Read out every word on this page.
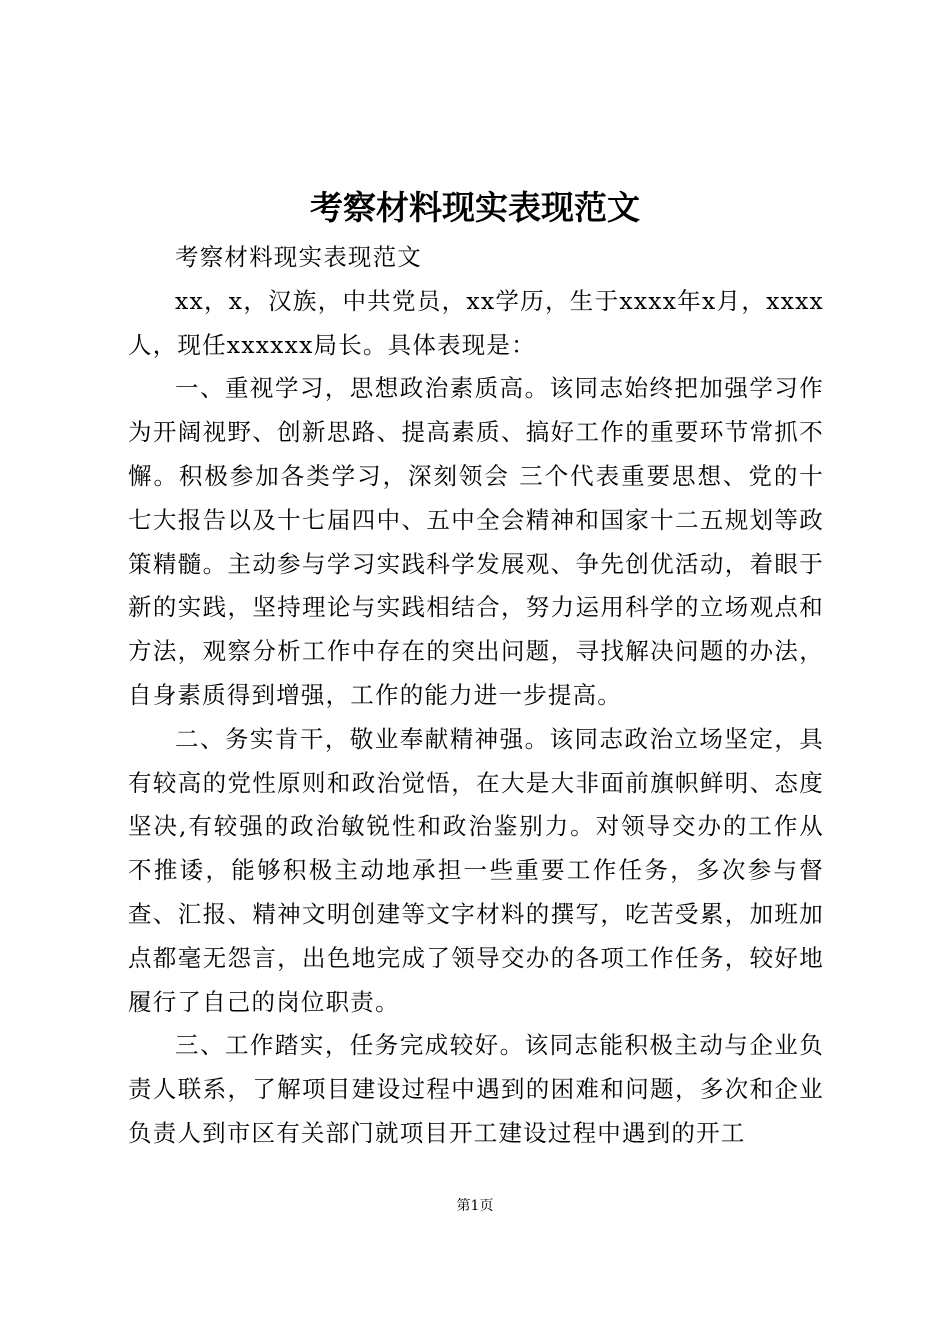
考察材料现实表现范文

考察材料现实表现范文

xx，x，汉族，中共党员，xx学历，生于xxxx年x月，xxxx人，现任xxxxxx局长。具体表现是：

一、重视学习，思想政治素质高。该同志始终把加强学习作为开阔视野、创新思路、提高素质、搞好工作的重要环节常抓不懈。积极参加各类学习，深刻领会 三个代表重要思想、党的十七大报告以及十七届四中、五中全会精神和国家十二五规划等政策精髓。主动参与学习实践科学发展观、争先创优活动，着眼于新的实践，坚持理论与实践相结合，努力运用科学的立场观点和方法，观察分析工作中存在的突出问题，寻找解决问题的办法，自身素质得到增强，工作的能力进一步提高。

二、务实肯干，敬业奉献精神强。该同志政治立场坚定，具有较高的党性原则和政治觉悟，在大是大非面前旗帜鲜明、态度坚决,有较强的政治敏锐性和政治鉴别力。对领导交办的工作从不推诿，能够积极主动地承担一些重要工作任务，多次参与督查、汇报、精神文明创建等文字材料的撰写，吃苦受累，加班加点都毫无怨言，出色地完成了领导交办的各项工作任务，较好地履行了自己的岗位职责。

三、工作踏实，任务完成较好。该同志能积极主动与企业负责人联系，了解项目建设过程中遇到的困难和问题，多次和企业负责人到市区有关部门就项目开工建设过程中遇到的开工

第1页
